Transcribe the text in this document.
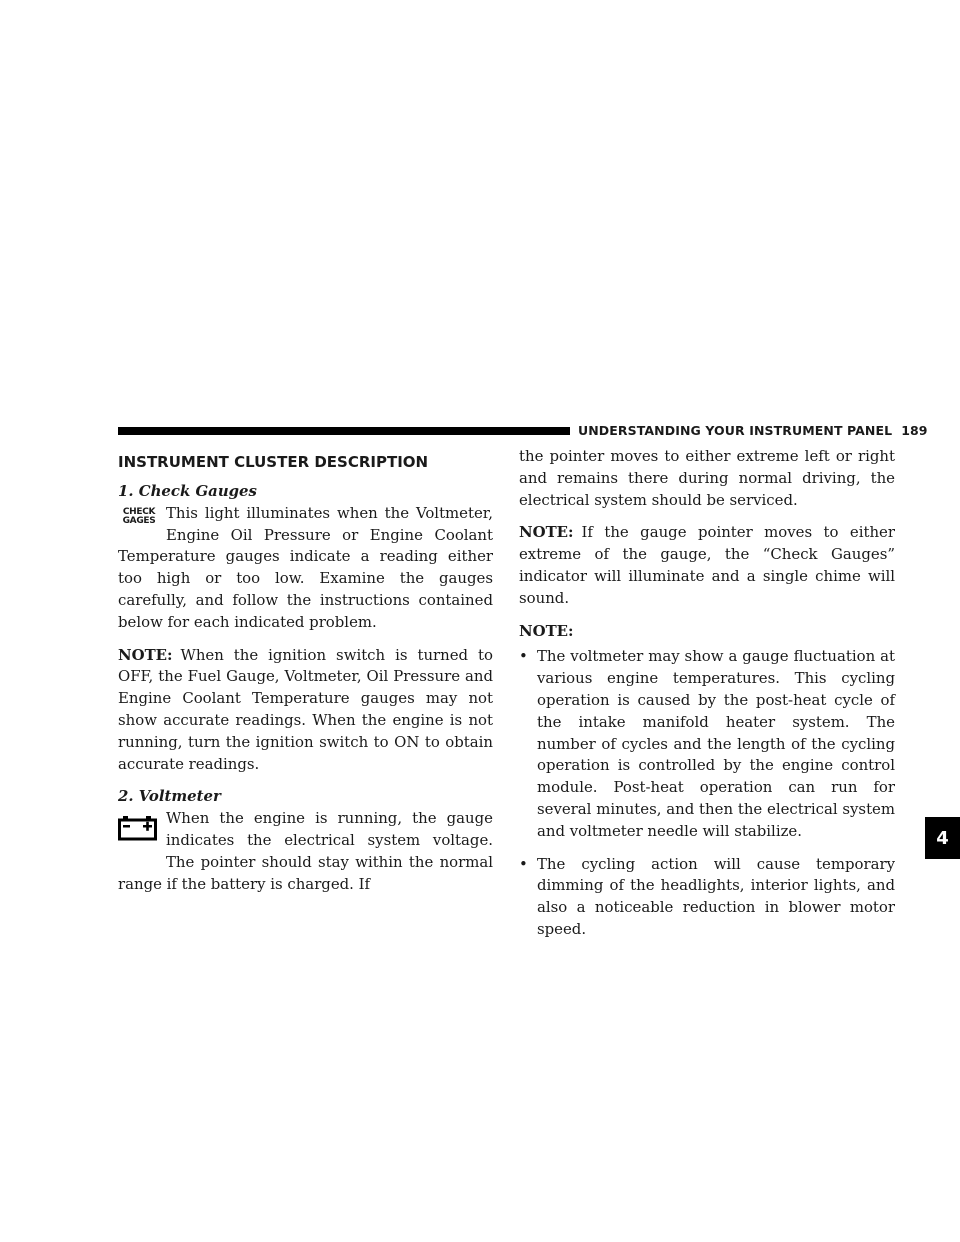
UNDERSTANDING YOUR INSTRUMENT PANEL 189
INSTRUMENT CLUSTER DESCRIPTION
1. Check Gauges
CHECK
GAGES This light illuminates when the Voltmeter, Engine Oil Pressure or Engine Coolant Temperature gauges indicate a reading either too high or too low. Examine the gauges carefully, and follow the instructions contained below for each indicated problem.

NOTE: When the ignition switch is turned to OFF, the Fuel Gauge, Voltmeter, Oil Pressure and Engine Coolant Temperature gauges may not show accurate readings. When the engine is not running, turn the ignition switch to ON to obtain accurate readings.

2. Voltmeter

When the engine is running, the gauge indicates the electrical system voltage. The pointer should stay within the normal range if the battery is charged. If

the pointer moves to either extreme left or right and remains there during normal driving, the electrical system should be serviced.

NOTE: If the gauge pointer moves to either extreme of the gauge, the “Check Gauges” indicator will illuminate and a single chime will sound.

NOTE:
• The voltmeter may show a gauge fluctuation at various engine temperatures. This cycling operation is caused by the post-heat cycle of the intake manifold heater system. The number of cycles and the length of the cycling operation is controlled by the engine control module. Post-heat operation can run for several minutes, and then the electrical system and voltmeter needle will stabilize.
• The cycling action will cause temporary dimming of the headlights, interior lights, and also a noticeable reduction in blower motor speed.
4
